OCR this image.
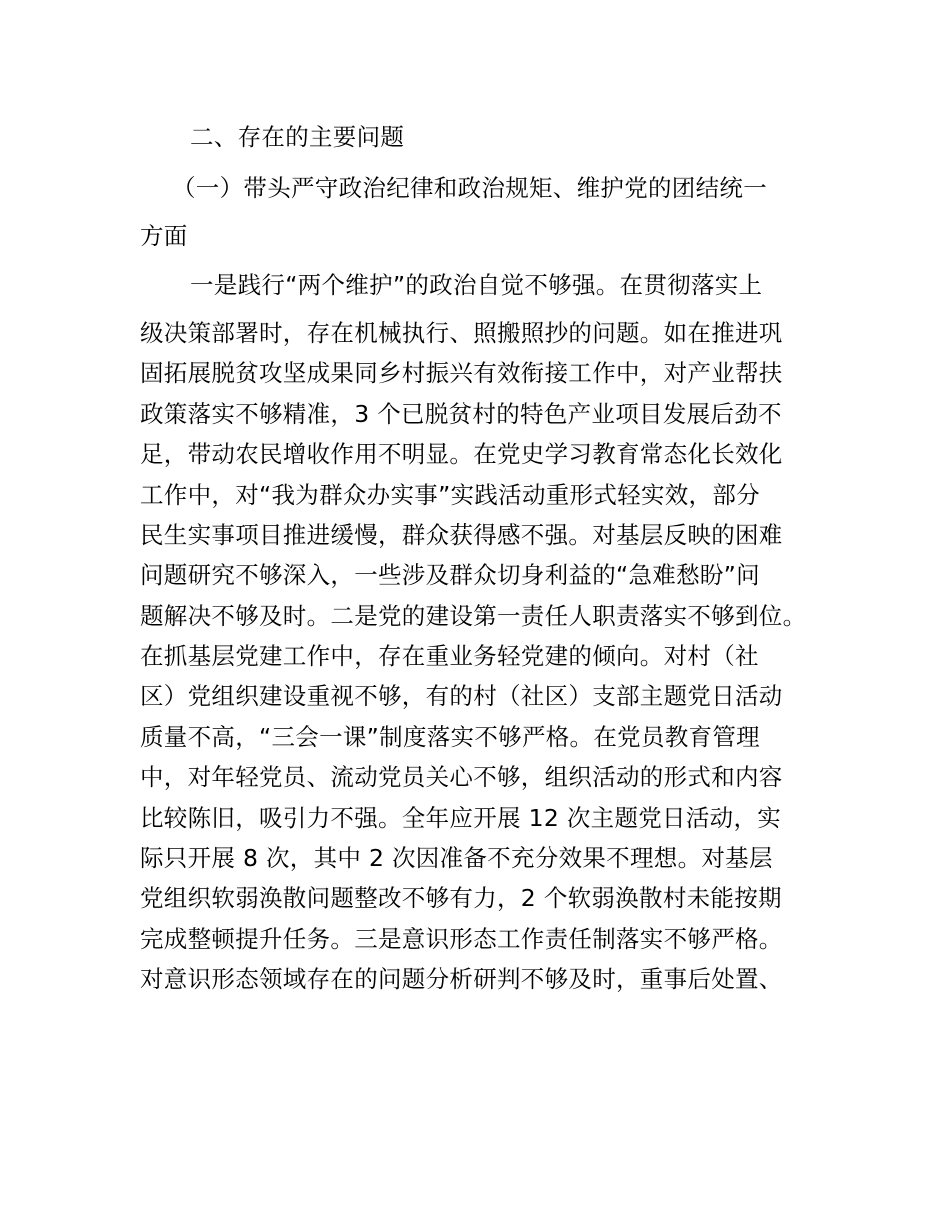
二、存在的主要问题
（一）带头严守政治纪律和政治规矩、维护党的团结统一
方面
一是践行“两个维护”的政治自觉不够强。在贯彻落实上
级决策部署时，存在机械执行、照搬照抄的问题。如在推进巩
固拓展脱贫攻坚成果同乡村振兴有效衔接工作中，对产业帮扶
政策落实不够精准，3 个已脱贫村的特色产业项目发展后劲不
足，带动农民增收作用不明显。在党史学习教育常态化长效化
工作中，对“我为群众办实事”实践活动重形式轻实效，部分
民生实事项目推进缓慢，群众获得感不强。对基层反映的困难
问题研究不够深入，一些涉及群众切身利益的“急难愁盼”问
题解决不够及时。二是党的建设第一责任人职责落实不够到位。
在抓基层党建工作中，存在重业务轻党建的倾向。对村（社
区）党组织建设重视不够，有的村（社区）支部主题党日活动
质量不高，“三会一课”制度落实不够严格。在党员教育管理
中，对年轻党员、流动党员关心不够，组织活动的形式和内容
比较陈旧，吸引力不强。全年应开展 12 次主题党日活动，实
际只开展 8 次，其中 2 次因准备不充分效果不理想。对基层
党组织软弱涣散问题整改不够有力，2 个软弱涣散村未能按期
完成整顿提升任务。三是意识形态工作责任制落实不够严格。
对意识形态领域存在的问题分析研判不够及时，重事后处置、
